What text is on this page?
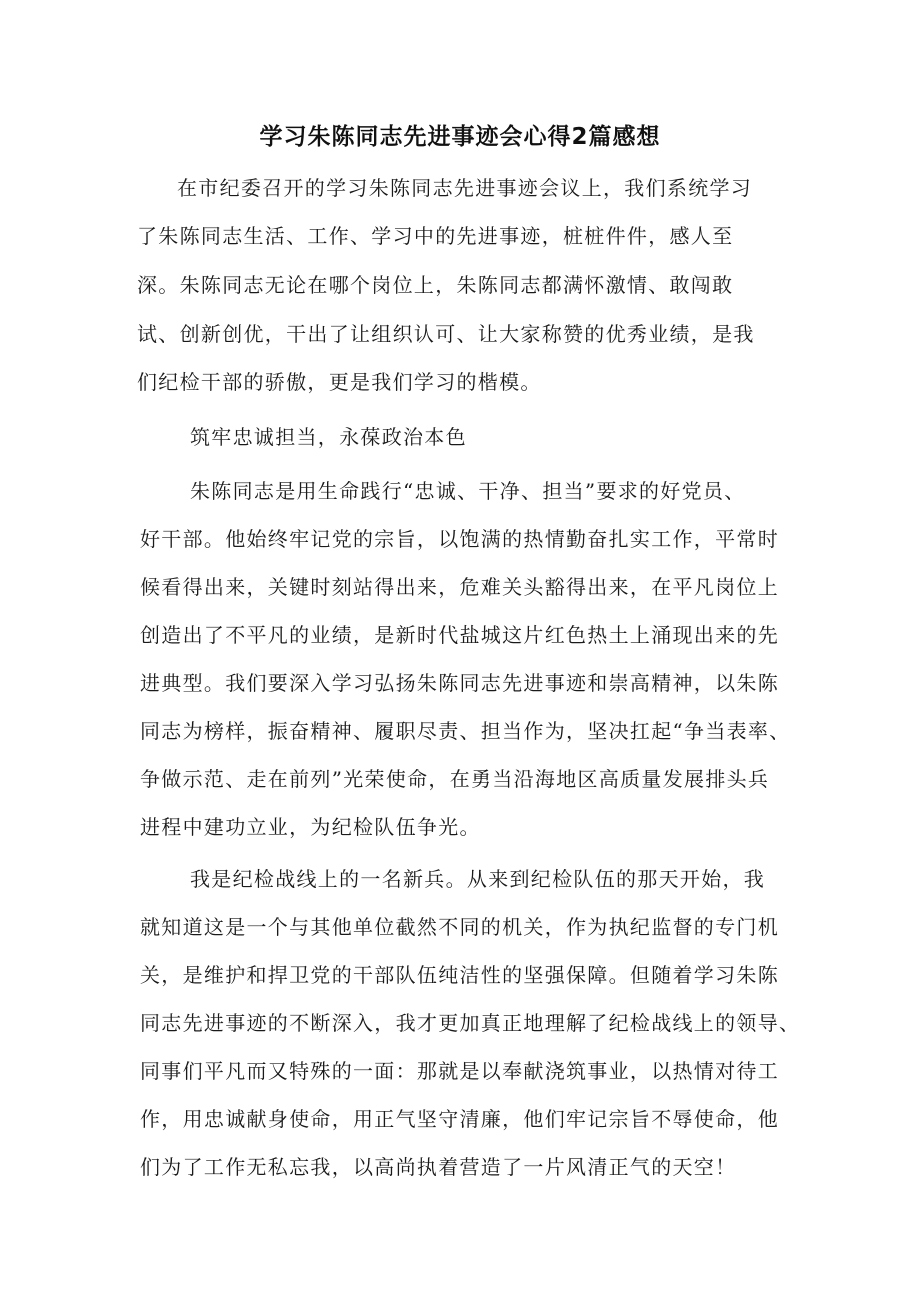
学习朱陈同志先进事迹会心得2篇感想
在市纪委召开的学习朱陈同志先进事迹会议上，我们系统学习
了朱陈同志生活、工作、学习中的先进事迹，桩桩件件，感人至
深。朱陈同志无论在哪个岗位上，朱陈同志都满怀激情、敢闯敢
试、创新创优，干出了让组织认可、让大家称赞的优秀业绩，是我
们纪检干部的骄傲，更是我们学习的楷模。
筑牢忠诚担当，永葆政治本色
朱陈同志是用生命践行“忠诚、干净、担当”要求的好党员、
好干部。他始终牢记党的宗旨，以饱满的热情勤奋扎实工作，平常时
候看得出来，关键时刻站得出来，危难关头豁得出来，在平凡岗位上
创造出了不平凡的业绩，是新时代盐城这片红色热土上涌现出来的先
进典型。我们要深入学习弘扬朱陈同志先进事迹和崇高精神，以朱陈
同志为榜样，振奋精神、履职尽责、担当作为，坚决扛起“争当表率、
争做示范、走在前列”光荣使命，在勇当沿海地区高质量发展排头兵
进程中建功立业，为纪检队伍争光。
我是纪检战线上的一名新兵。从来到纪检队伍的那天开始，我
就知道这是一个与其他单位截然不同的机关，作为执纪监督的专门机
关，是维护和捍卫党的干部队伍纯洁性的坚强保障。但随着学习朱陈
同志先进事迹的不断深入，我才更加真正地理解了纪检战线上的领导、
同事们平凡而又特殊的一面：那就是以奉献浇筑事业，以热情对待工
作，用忠诚献身使命，用正气坚守清廉，他们牢记宗旨不辱使命，他
们为了工作无私忘我，以高尚执着营造了一片风清正气的天空！
